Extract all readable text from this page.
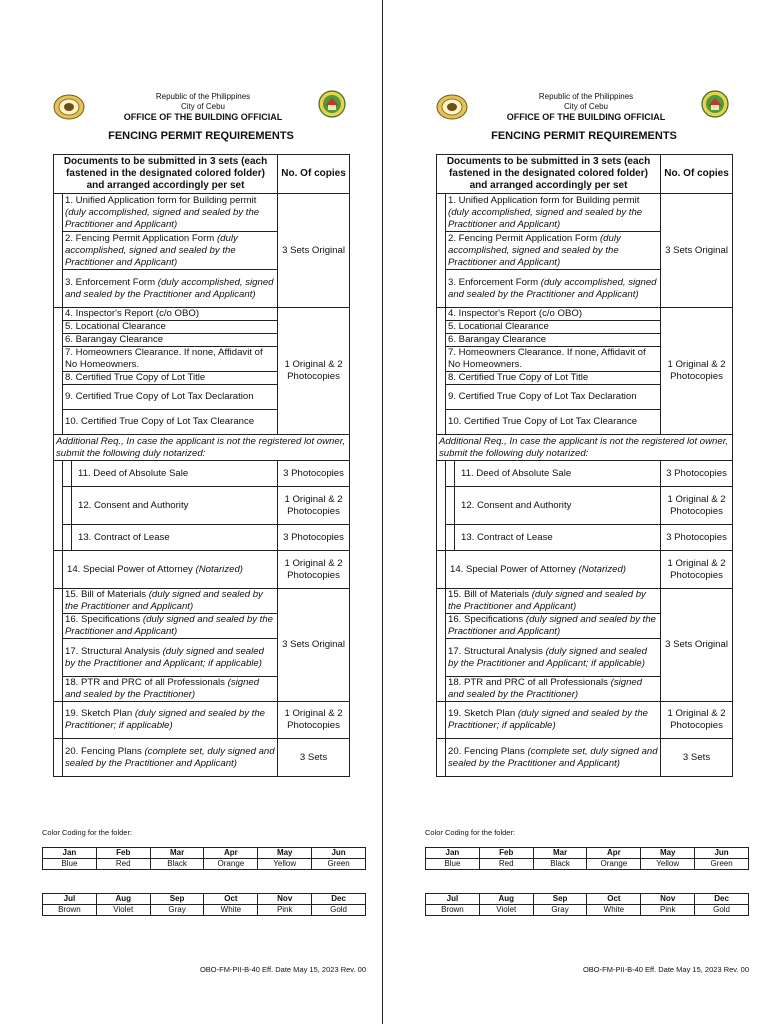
Republic of the Philippines
City of Cebu
OFFICE OF THE BUILDING OFFICIAL
FENCING PERMIT REQUIREMENTS
Documents to be submitted in 3 sets (each fastened in the designated colored folder) and arranged accordingly per set			No. Of copies
	1. Unified Application form for Building permit (duly accomplished, signed and sealed by the Practitioner and Applicant)		3 Sets Original
	2. Fencing Permit Application Form (duly accomplished, signed and sealed by the Practitioner and Applicant)		
	3. Enforcement Form (duly accomplished, signed and sealed by the Practitioner and Applicant)		
	4. Inspector's Report (c/o OBO)		1 Original & 2 Photocopies
	5. Locational Clearance		
	6. Barangay Clearance		
	7. Homeowners Clearance. If none, Affidavit of No Homeowners.		
	8. Certified True Copy of Lot Title		
	9. Certified True Copy of Lot Tax Declaration		
	10. Certified True Copy of Lot Tax Clearance		
Additional Req., In case the applicant is not the registered lot owner, submit the following duly notarized:			
		11. Deed of Absolute Sale	3 Photocopies
		12. Consent and Authority	1 Original & 2 Photocopies
		13. Contract of Lease	3 Photocopies
	14. Special Power of Attorney (Notarized)		1 Original & 2 Photocopies
	15. Bill of Materials (duly signed and sealed by the Practitioner and Applicant)		3 Sets Original
	16. Specifications (duly signed and sealed by the Practitioner and Applicant)		
	17. Structural Analysis (duly signed and sealed by the Practitioner and Applicant; if applicable)		
	18. PTR and PRC of all Professionals (signed and sealed by the Practitioner)		
	19. Sketch Plan (duly signed and sealed by the Practitioner; if applicable)		1 Original & 2 Photocopies
	20. Fencing Plans (complete set, duly signed and sealed by the Practitioner and Applicant)		3 Sets
Color Coding for the folder:
Jan	Feb	Mar	Apr	May	Jun
Blue	Red	Black	Orange	Yellow	Green
Jul	Aug	Sep	Oct	Nov	Dec
Brown	Violet	Gray	White	Pink	Gold
OBO-FM-PII-B-40 Eff. Date May 15, 2023 Rev. 00
Republic of the Philippines
City of Cebu
OFFICE OF THE BUILDING OFFICIAL
FENCING PERMIT REQUIREMENTS
Documents to be submitted in 3 sets (each fastened in the designated colored folder) and arranged accordingly per set			No. Of copies
	1. Unified Application form for Building permit (duly accomplished, signed and sealed by the Practitioner and Applicant)		3 Sets Original
	2. Fencing Permit Application Form (duly accomplished, signed and sealed by the Practitioner and Applicant)		
	3. Enforcement Form (duly accomplished, signed and sealed by the Practitioner and Applicant)		
	4. Inspector's Report (c/o OBO)		1 Original & 2 Photocopies
	5. Locational Clearance		
	6. Barangay Clearance		
	7. Homeowners Clearance. If none, Affidavit of No Homeowners.		
	8. Certified True Copy of Lot Title		
	9. Certified True Copy of Lot Tax Declaration		
	10. Certified True Copy of Lot Tax Clearance		
Additional Req., In case the applicant is not the registered lot owner, submit the following duly notarized:			
		11. Deed of Absolute Sale	3 Photocopies
		12. Consent and Authority	1 Original & 2 Photocopies
		13. Contract of Lease	3 Photocopies
	14. Special Power of Attorney (Notarized)		1 Original & 2 Photocopies
	15. Bill of Materials (duly signed and sealed by the Practitioner and Applicant)		3 Sets Original
	16. Specifications (duly signed and sealed by the Practitioner and Applicant)		
	17. Structural Analysis (duly signed and sealed by the Practitioner and Applicant; if applicable)		
	18. PTR and PRC of all Professionals (signed and sealed by the Practitioner)		
	19. Sketch Plan (duly signed and sealed by the Practitioner; if applicable)		1 Original & 2 Photocopies
	20. Fencing Plans (complete set, duly signed and sealed by the Practitioner and Applicant)		3 Sets
Color Coding for the folder:
Jan	Feb	Mar	Apr	May	Jun
Blue	Red	Black	Orange	Yellow	Green
Jul	Aug	Sep	Oct	Nov	Dec
Brown	Violet	Gray	White	Pink	Gold
OBO-FM-PII-B-40 Eff. Date May 15, 2023 Rev. 00
